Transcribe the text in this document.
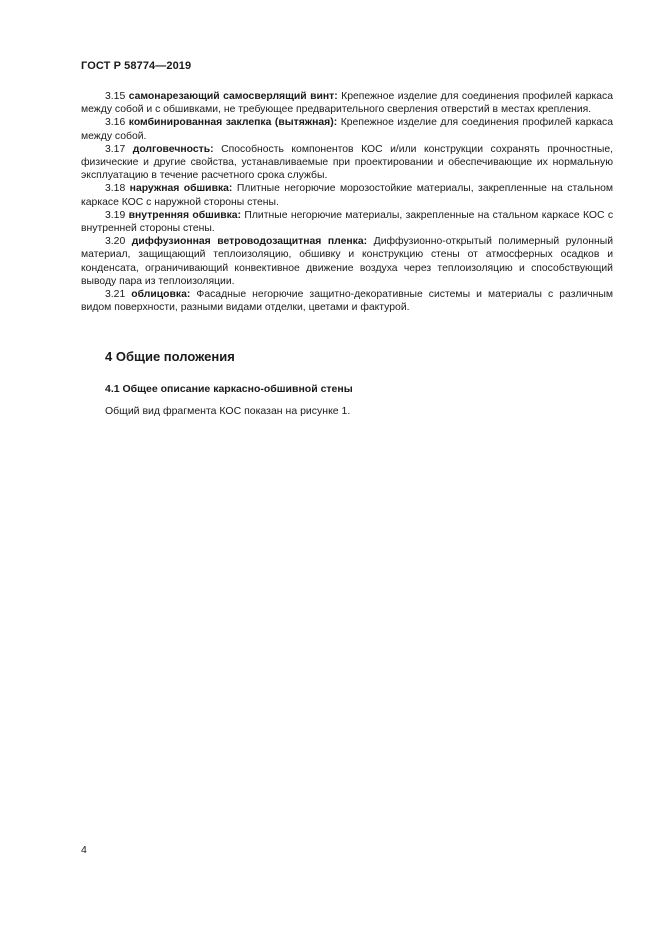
ГОСТ Р 58774—2019

3.15 самонарезающий самосверлящий винт: Крепежное изделие для соединения профилей каркаса между собой и с обшивками, не требующее предварительного сверления отверстий в местах крепления.

3.16 комбинированная заклепка (вытяжная): Крепежное изделие для соединения профилей каркаса между собой.

3.17 долговечность: Способность компонентов КОС и/или конструкции сохранять прочностные, физические и другие свойства, устанавливаемые при проектировании и обеспечивающие их нормальную эксплуатацию в течение расчетного срока службы.

3.18 наружная обшивка: Плитные негорючие морозостойкие материалы, закрепленные на стальном каркасе КОС с наружной стороны стены.

3.19 внутренняя обшивка: Плитные негорючие материалы, закрепленные на стальном каркасе КОС с внутренней стороны стены.

3.20 диффузионная ветроводозащитная пленка: Диффузионно-открытый полимерный рулонный материал, защищающий теплоизоляцию, обшивку и конструкцию стены от атмосферных осадков и конденсата, ограничивающий конвективное движение воздуха через теплоизоляцию и способствующий выводу пара из теплоизоляции.

3.21 облицовка: Фасадные негорючие защитно-декоративные системы и материалы с различным видом поверхности, разными видами отделки, цветами и фактурой.

4 Общие положения
4.1 Общее описание каркасно-обшивной стены
Общий вид фрагмента КОС показан на рисунке 1.
4
